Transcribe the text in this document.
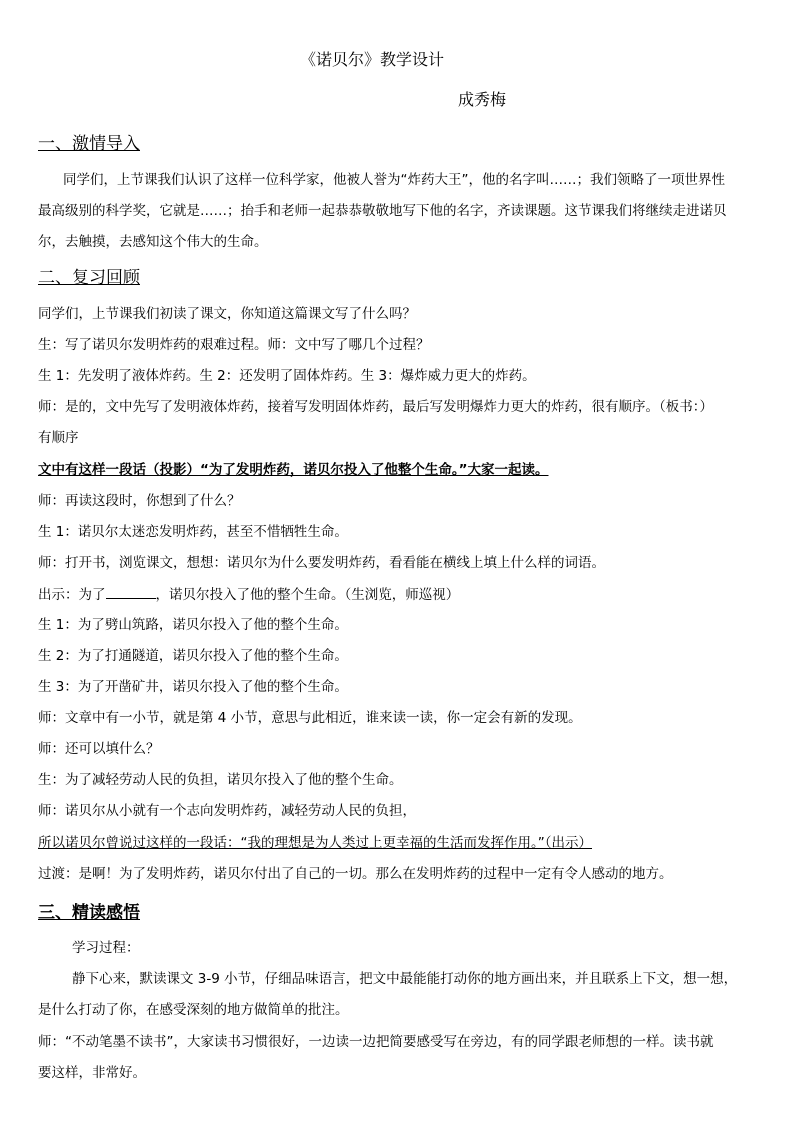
《诺贝尔》教学设计
成秀梅
一、激情导入
同学们，上节课我们认识了这样一位科学家，他被人誉为“炸药大王”，他的名字叫……；我们领略了一项世界性
最高级别的科学奖，它就是……；抬手和老师一起恭恭敬敬地写下他的名字，齐读课题。这节课我们将继续走进诺贝
尔，去触摸，去感知这个伟大的生命。
二、复习回顾
同学们，上节课我们初读了课文，你知道这篇课文写了什么吗？
生：写了诺贝尔发明炸药的艰难过程。师：文中写了哪几个过程？
生 1：先发明了液体炸药。生 2：还发明了固体炸药。生 3：爆炸威力更大的炸药。
师：是的，文中先写了发明液体炸药，接着写发明固体炸药，最后写发明爆炸力更大的炸药，很有顺序。（板书：）
有顺序
文中有这样一段话（投影）“为了发明炸药，诺贝尔投入了他整个生命。”大家一起读。
师：再读这段时，你想到了什么？
生 1：诺贝尔太迷恋发明炸药，甚至不惜牺牲生命。
师：打开书，浏览课文，想想：诺贝尔为什么要发明炸药，看看能在横线上填上什么样的词语。
出示：为了	，诺贝尔投入了他的整个生命。（生浏览，师巡视）
生 1：为了劈山筑路，诺贝尔投入了他的整个生命。
生 2：为了打通隧道，诺贝尔投入了他的整个生命。
生 3：为了开凿矿井，诺贝尔投入了他的整个生命。
师：文章中有一小节，就是第 4 小节，意思与此相近，谁来读一读，你一定会有新的发现。
师：还可以填什么？
生：为了减轻劳动人民的负担，诺贝尔投入了他的整个生命。
师：诺贝尔从小就有一个志向发明炸药，减轻劳动人民的负担，
所以诺贝尔曾说过这样的一段话：“我的理想是为人类过上更幸福的生活而发挥作用。”（出示）
过渡：是啊！为了发明炸药，诺贝尔付出了自己的一切。那么在发明炸药的过程中一定有令人感动的地方。
三、精读感悟
学习过程：
静下心来，默读课文 3-9 小节，仔细品味语言，把文中最能能打动你的地方画出来，并且联系上下文，想一想，
是什么打动了你，在感受深刻的地方做简单的批注。
师：“不动笔墨不读书”，大家读书习惯很好，一边读一边把简要感受写在旁边，有的同学跟老师想的一样。读书就
要这样，非常好。
